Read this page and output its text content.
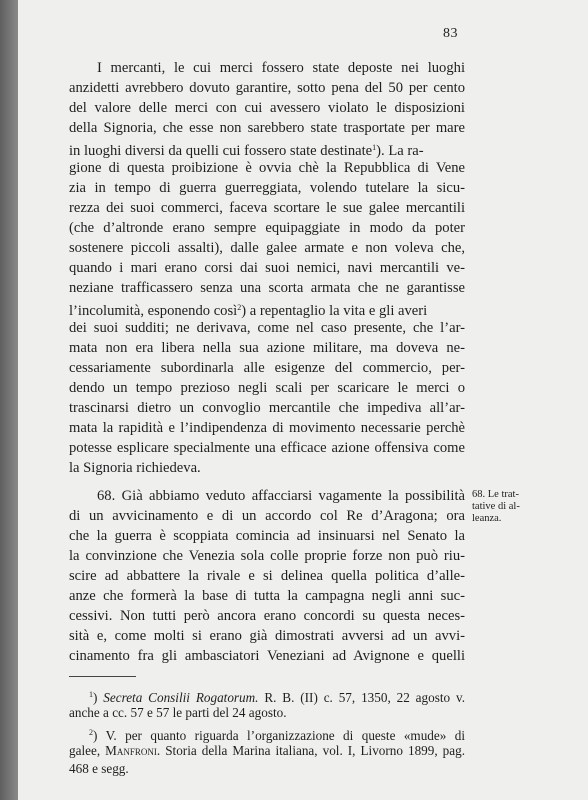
83
I mercanti, le cui merci fossero state deposte nei luoghi
anzidetti avrebbero dovuto garantire, sotto pena del 50 per cento
del valore delle merci con cui avessero violato le disposizioni
della Signoria, che esse non sarebbero state trasportate per mare
in luoghi diversi da quelli cui fossero state destinate$^1$). La ra-
gione di questa proibizione è ovvia chè la Repubblica di Vene
zia in tempo di guerra guerreggiata, volendo tutelare la sicu-
rezza dei suoi commerci, faceva scortare le sue galee mercantili
(che d’altronde erano sempre equipaggiate in modo da poter
sostenere piccoli assalti), dalle galee armate e non voleva che,
quando i mari erano corsi dai suoi nemici, navi mercantili ve-
neziane trafficassero senza una scorta armata che ne garantisse
l’incolumità, esponendo così$^2$) a repentaglio la vita e gli averi
dei suoi sudditi; ne derivava, come nel caso presente, che l’ar-
mata non era libera nella sua azione militare, ma doveva ne-
cessariamente subordinarla alle esigenze del commercio, per-
dendo un tempo prezioso negli scali per scaricare le merci o
trascinarsi dietro un convoglio mercantile che impediva all’ar-
mata la rapidità e l’indipendenza di movimento necessarie perchè
potesse esplicare specialmente una efficace azione offensiva come
la Signoria richiedeva.
68. Già abbiamo veduto affacciarsi vagamente la possibilità
di un avvicinamento e di un accordo col Re d’Aragona; ora
che la guerra è scoppiata comincia ad insinuarsi nel Senato la
la convinzione che Venezia sola colle proprie forze non può riu-
scire ad abbattere la rivale e si delinea quella politica d’alle-
anze che formerà la base di tutta la campagna negli anni suc-
cessivi. Non tutti però ancora erano concordi su questa neces-
sità e, come molti si erano già dimostrati avversi ad un avvi-
cinamento fra gli ambasciatori Veneziani ad Avignone e quelli
68. Le trat-
tative di al-
leanza.
$^1$) Secreta Consilii Rogatorum. R. B. (II) c. 57, 1350, 22 agosto v.
anche a cc. 57 e 57 le parti del 24 agosto.
$^2$) V. per quanto riguarda l’organizzazione di queste «mude» di
galee, Manfroni. Storia della Marina italiana, vol. I, Livorno 1899, pag.
468 e segg.
